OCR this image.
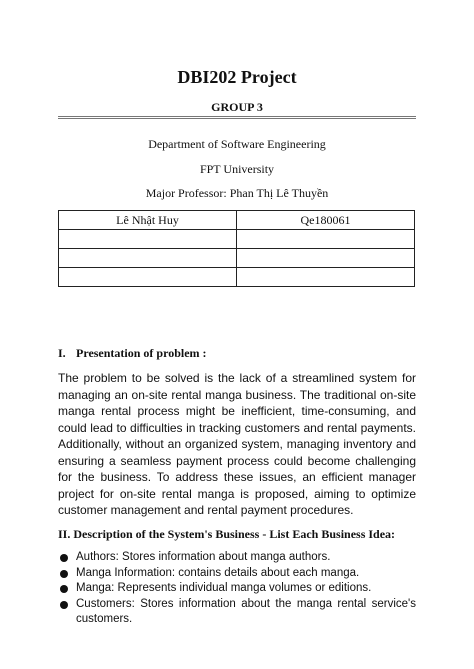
DBI202 Project
GROUP 3
Department of Software Engineering
FPT University
Major Professor: Phan Thị Lê Thuyền
Lê Nhật Huy	Qe180061

I. Presentation of problem :

The problem to be solved is the lack of a streamlined system for managing an on-site rental manga business. The traditional on-site manga rental process might be inefficient, time-consuming, and could lead to difficulties in tracking customers and rental payments. Additionally, without an organized system, managing inventory and ensuring a seamless payment process could become challenging for the business. To address these issues, an efficient manager project for on-site rental manga is proposed, aiming to optimize customer management and rental payment procedures.

II. Description of the System's Business - List Each Business Idea:
Authors: Stores information about manga authors.
Manga Information: contains details about each manga.
Manga: Represents individual manga volumes or editions.
Customers: Stores information about the manga rental service's customers.
